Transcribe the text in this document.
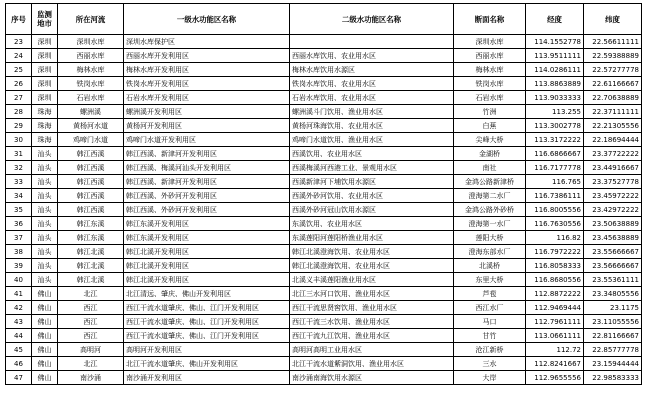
序号	监测地市	所在河流	一级水功能区名称	二级水功能区名称	断面名称	经度	纬度
23	深圳	深圳水库	深圳水库保护区		深圳水库	114.1552778	22.56611111
24	深圳	西丽水库	西丽水库开发利用区	西丽水库饮用、农业用水区	西丽水库	113.9511111	22.59388889
25	深圳	梅林水库	梅林水库开发利用区	梅林水库饮用水源区	梅林水库	114.0286111	22.57277778
26	深圳	铁岗水库	铁岗水库开发利用区	铁岗水库饮用、农业用水区	铁岗水库	113.8863889	22.61166667
27	深圳	石岩水库	石岩水库开发利用区	石岩水库饮用、农业用水区	石岩水库	113.9033333	22.70638889
28	珠海	螺洲溪	螺洲溪开发利用区	螺洲溪斗门饮用、渔业用水区	竹洲	113.255	22.37111111
29	珠海	黄杨河水道	黄杨河开发利用区	黄杨河珠海饮用、农业用水区	白蕉	113.3002778	22.21305556
30	珠海	鸡啼门水道	鸡啼门水道开发利用区	鸡啼门水道饮用、渔业用水区	尖峰大桥	113.3172222	22.18694444
31	汕头	韩江西溪	韩江西溪、新津河开发利用区	西溪饮用、农业用水区	金湖桥	116.6866667	23.37722222
32	汕头	韩江西溪	韩江西溪、梅溪河汕头开发利用区	西溪梅溪河西港工业、景观用水区	南社	116.7177778	23.44916667
33	汕头	韩江西溪	韩江西溪、新津河开发利用区	西溪新津河下埔饮用水源区	金鸿公路新津桥	116.765	23.37527778
34	汕头	韩江西溪	韩江西溪、外砂河开发利用区	西溪外砂河饮用、农业用水区	澄海第二水厂	116.7386111	23.45972222
35	汕头	韩江西溪	韩江西溪、外砂河开发利用区	西溪外砂河冠山饮用水源区	金鸿公路外砂桥	116.8005556	23.42972222
36	汕头	韩江东溪	韩江东溪开发利用区	东溪饮用、农业用水区	澄海第一水厂	116.7630556	23.50638889
37	汕头	韩江东溪	韩江东溪开发利用区	东溪莲阳河莲阳桥渔业用水区	莲阳大桥	116.82	23.45638889
38	汕头	韩江北溪	韩江北溪开发利用区	韩江北溪澄海饮用、农业用水区	澄海东部水厂	116.7972222	23.55666667
39	汕头	韩江北溪	韩江北溪开发利用区	韩江北溪澄海饮用、农业用水区	北溪桥	116.8058333	23.56666667
40	汕头	韩江北溪	韩江北溪开发利用区	北溪义丰溪莲阳渔业用水区	东里大桥	116.8680556	23.55361111
41	佛山	北江	北江清远、肇庆、佛山开发利用区	北江三水河口饮用、渔业用水区	芦苞	112.8872222	23.34805556
42	佛山	西江	西江干流水道肇庆、佛山、江门开发利用区	西江干流思贤窖饮用、渔业用水区	西江水厂	112.9469444	23.1175
43	佛山	西江	西江干流水道肇庆、佛山、江门开发利用区	西江干流三水饮用、渔业用水区	马口	112.7961111	23.11055556
44	佛山	西江	西江干流水道肇庆、佛山、江门开发利用区	西江干流九江饮用、渔业用水区	甘竹	113.0661111	22.81166667
45	佛山	高明河	高明河开发利用区	高明河高明工业用水区	沧江新桥	112.72	22.85777778
46	佛山	北江	北江干流水道肇庆、佛山开发利用区	北江干流水道紫洞饮用、渔业用水区	三水	112.8241667	23.15944444
47	佛山	南沙涌	南沙涌开发利用区	南沙涌南海饮用水源区	大岸	112.9655556	22.98583333
